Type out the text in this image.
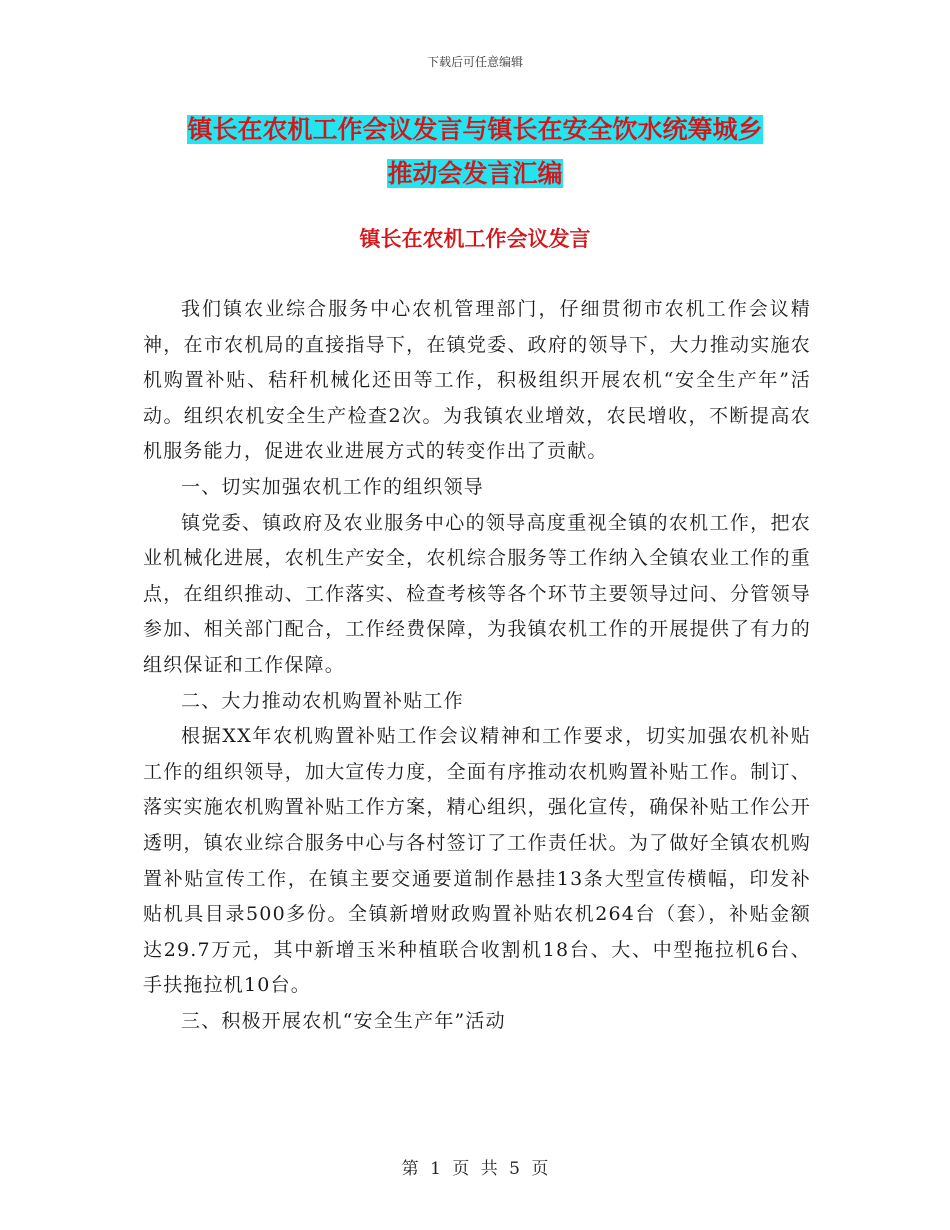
下载后可任意编辑
镇长在农机工作会议发言与镇长在安全饮水统筹城乡
推动会发言汇编
镇长在农机工作会议发言

我们镇农业综合服务中心农机管理部门，仔细贯彻市农机工作会议精神，在市农机局的直接指导下，在镇党委、政府的领导下，大力推动实施农机购置补贴、秸秆机械化还田等工作，积极组织开展农机“安全生产年”活动。组织农机安全生产检查2次。为我镇农业增效，农民增收，不断提高农机服务能力，促进农业进展方式的转变作出了贡献。

一、切实加强农机工作的组织领导

镇党委、镇政府及农业服务中心的领导高度重视全镇的农机工作，把农业机械化进展，农机生产安全，农机综合服务等工作纳入全镇农业工作的重点，在组织推动、工作落实、检查考核等各个环节主要领导过问、分管领导参加、相关部门配合，工作经费保障，为我镇农机工作的开展提供了有力的组织保证和工作保障。

二、大力推动农机购置补贴工作

根据XX年农机购置补贴工作会议精神和工作要求，切实加强农机补贴工作的组织领导，加大宣传力度，全面有序推动农机购置补贴工作。制订、落实实施农机购置补贴工作方案，精心组织，强化宣传，确保补贴工作公开透明，镇农业综合服务中心与各村签订了工作责任状。为了做好全镇农机购置补贴宣传工作，在镇主要交通要道制作悬挂13条大型宣传横幅，印发补贴机具目录500多份。全镇新增财政购置补贴农机264台（套），补贴金额达29.7万元，其中新增玉米种植联合收割机18台、大、中型拖拉机6台、手扶拖拉机10台。

三、积极开展农机“安全生产年”活动

第 1 页 共 5 页
